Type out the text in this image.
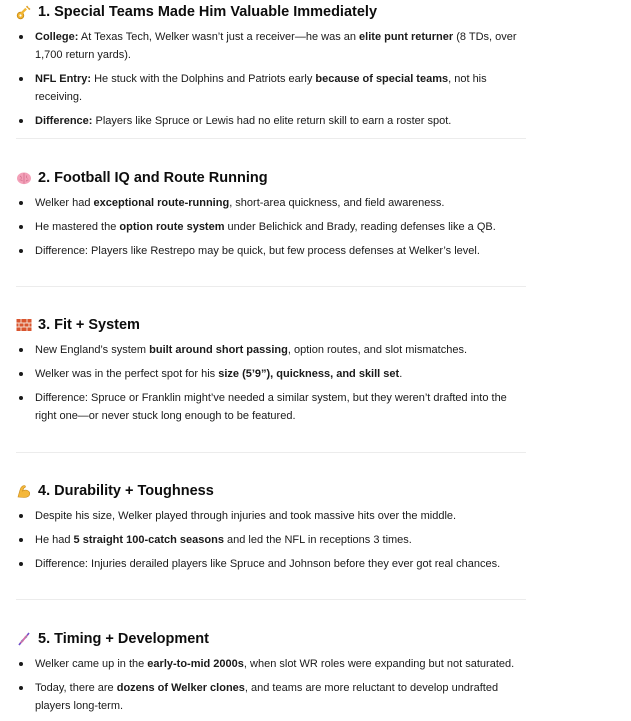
1. Special Teams Made Him Valuable Immediately
College: At Texas Tech, Welker wasn’t just a receiver—he was an elite punt returner (8 TDs, over 1,700 return yards).
NFL Entry: He stuck with the Dolphins and Patriots early because of special teams, not his receiving.
Difference: Players like Spruce or Lewis had no elite return skill to earn a roster spot.
2. Football IQ and Route Running
Welker had exceptional route-running, short-area quickness, and field awareness.
He mastered the option route system under Belichick and Brady, reading defenses like a QB.
Difference: Players like Restrepo may be quick, but few process defenses at Welker’s level.
3. Fit + System
New England’s system built around short passing, option routes, and slot mismatches.
Welker was in the perfect spot for his size (5’9”), quickness, and skill set.
Difference: Spruce or Franklin might’ve needed a similar system, but they weren’t drafted into the right one—or never stuck long enough to be featured.
4. Durability + Toughness
Despite his size, Welker played through injuries and took massive hits over the middle.
He had 5 straight 100-catch seasons and led the NFL in receptions 3 times.
Difference: Injuries derailed players like Spruce and Johnson before they ever got real chances.
5. Timing + Development
Welker came up in the early-to-mid 2000s, when slot WR roles were expanding but not saturated.
Today, there are dozens of Welker clones, and teams are more reluctant to develop undrafted players long-term.
